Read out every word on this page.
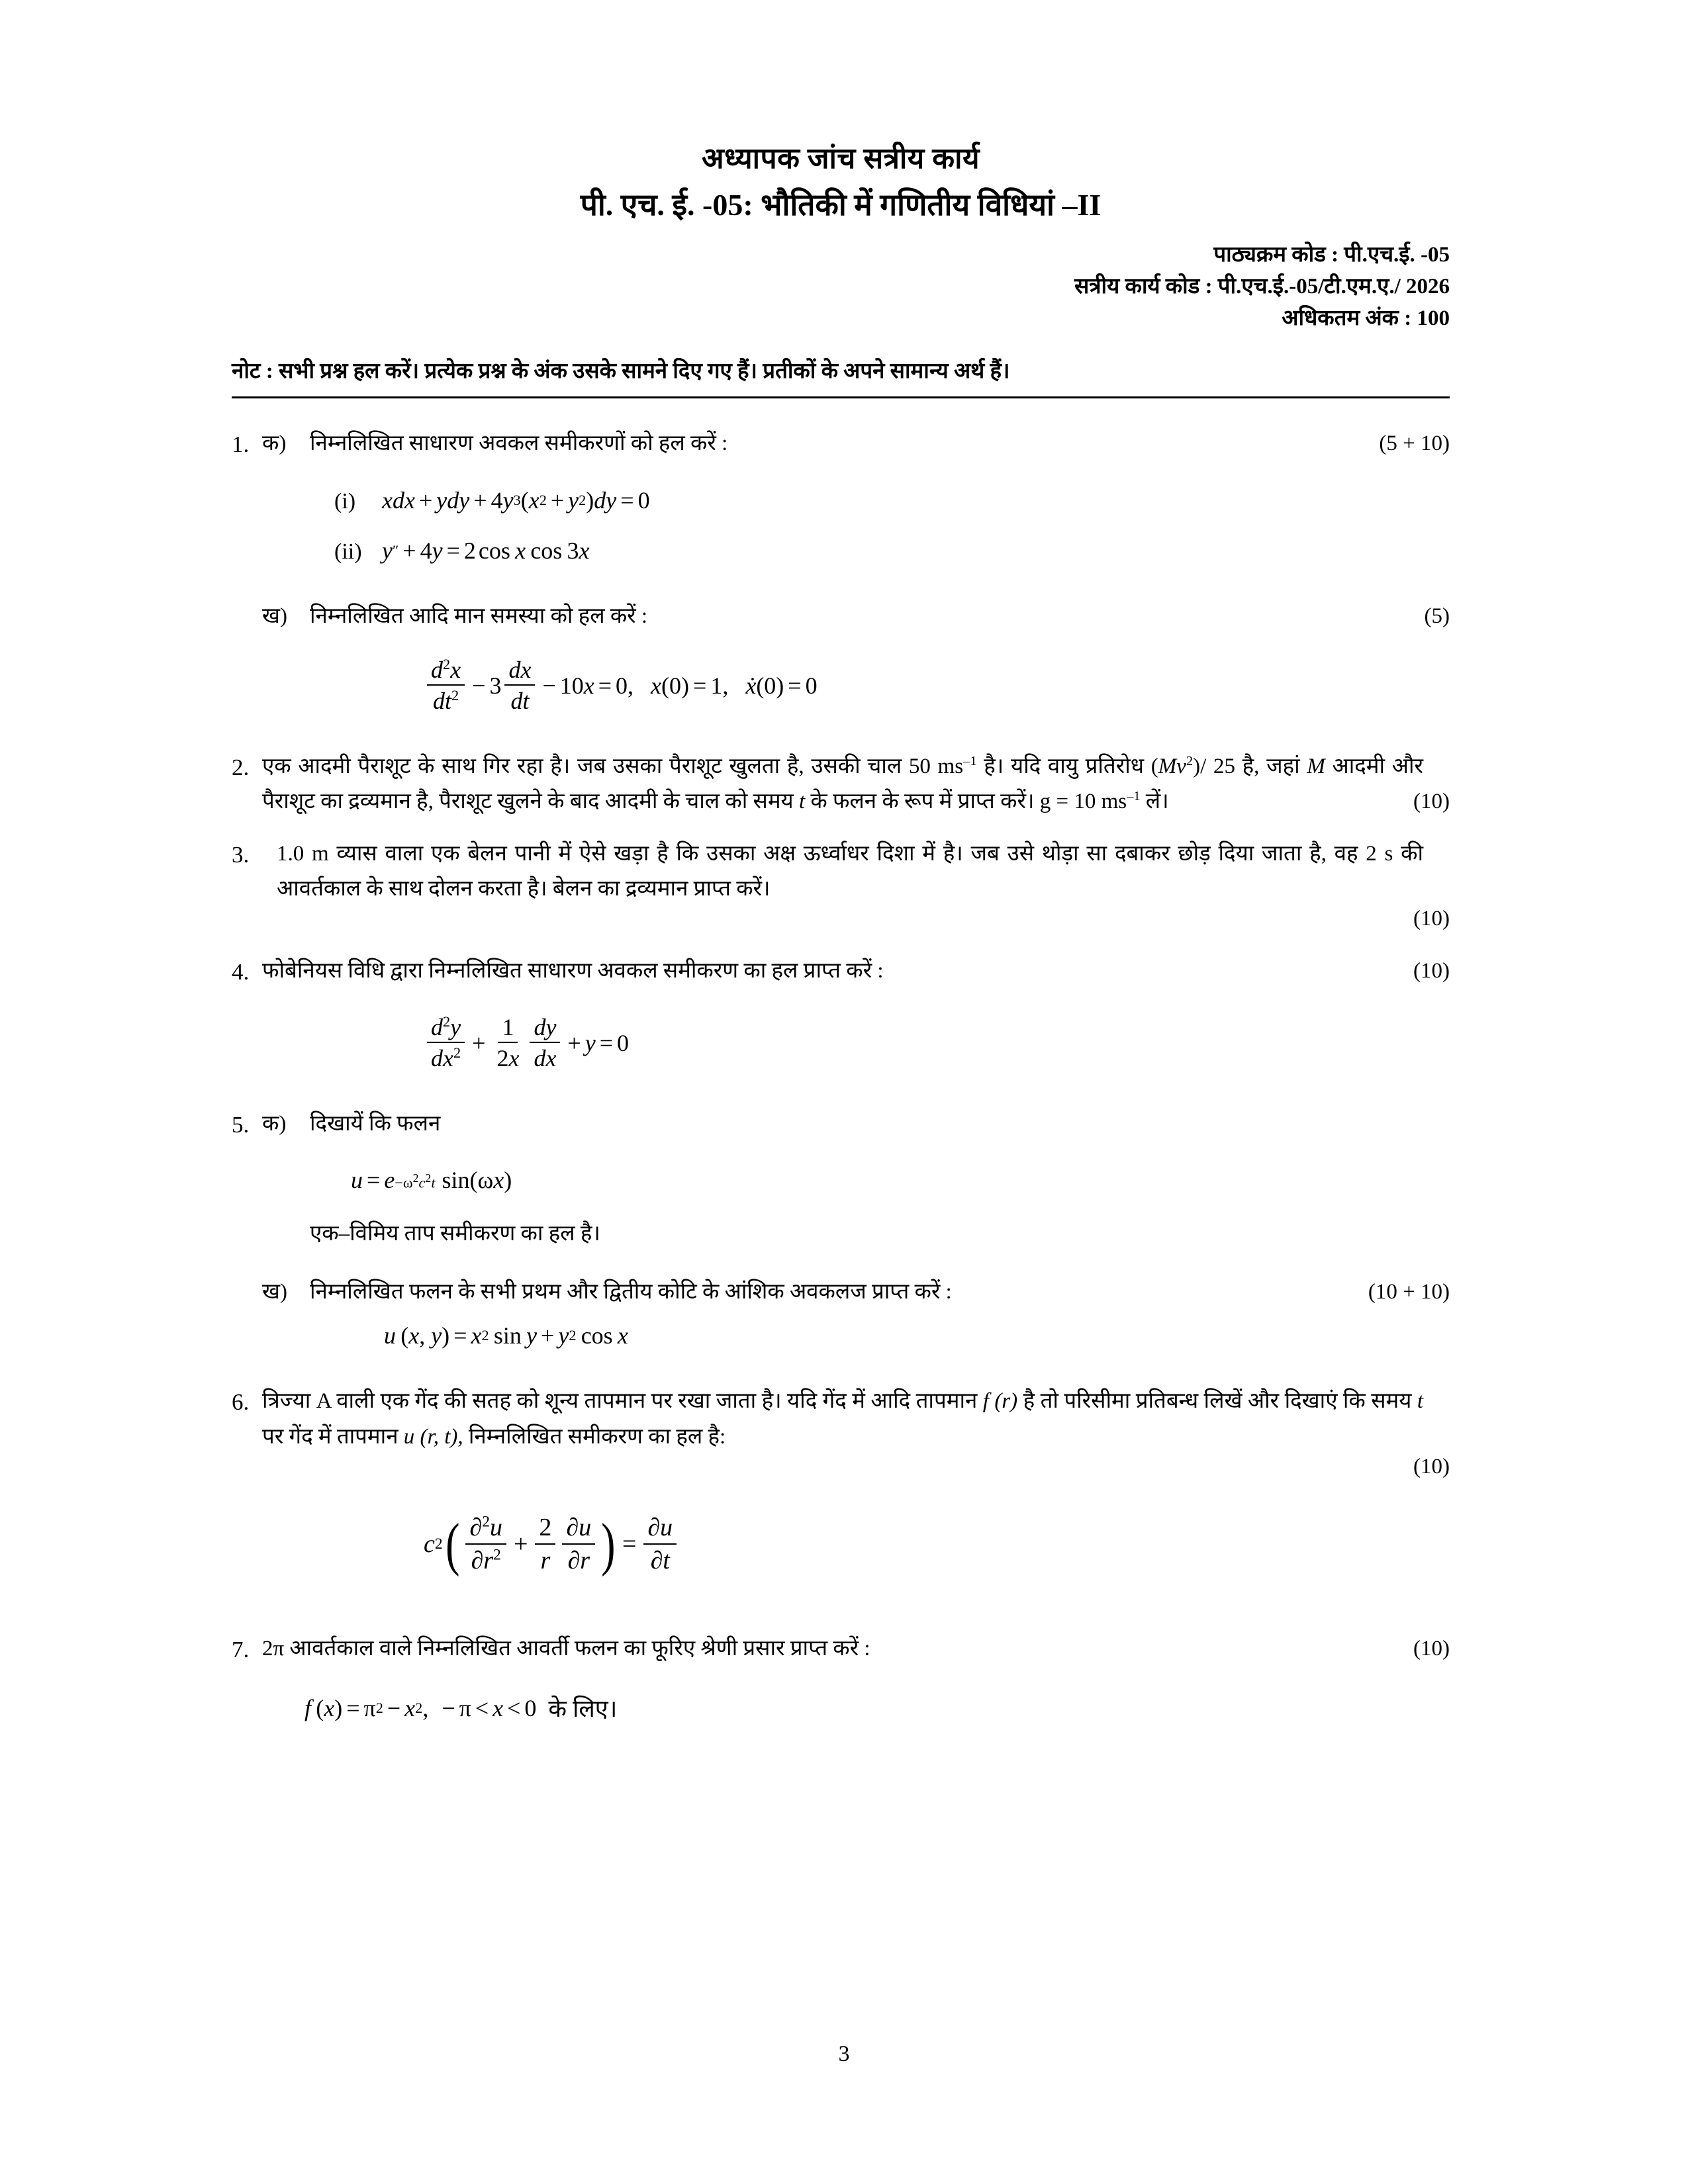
अध्यापक जांच सत्रीय कार्य
पी. एच. ई. -05: भौतिकी में गणितीय विधियां –II
पाठ्यक्रम कोड : पी.एच.ई. -05
सत्रीय कार्य कोड : पी.एच.ई.-05/टी.एम.ए./ 2026
अधिकतम अंक : 100
नोट : सभी प्रश्न हल करें। प्रत्येक प्रश्न के अंक उसके सामने दिए गए हैं। प्रतीकों के अपने सामान्य अर्थ हैं।
1. क)	निम्नलिखित साधारण अवकल समीकरणों को हल करें :	(5 + 10)
(i)	xdx + ydy + 4 y 3 ( x 2 + y 2 ) dy = 0
(ii) y ″ + 4 y = 2 cos
  x
  cos
  3 x
ख)	निम्नलिखित आदि मान समस्या को हल करें :	(5)
$\frac{d^2x}{dt^2} - 3 \frac{dx}{dt} - 10$ x = 0, x(0) = 1, ẋ(0) = 0
2. एक आदमी पैराशूट के साथ गिर रहा है। जब उसका पैराशूट खुलता है, उसकी चाल 50 $ms^{-1}$ है। यदि वायु प्रतिरोध (Mv$^2$)/ 25 है, जहां M आदमी और पैराशूट का द्रव्यमान है, पैराशूट खुलने के बाद आदमी के चाल को समय t के फलन के रूप में प्राप्त करें। g = 10 $ms^{-1}$ लें।	(10)
3.	1.0 m व्यास वाला एक बेलन पानी में ऐसे खड़ा है कि उसका अक्ष ऊर्ध्वाधर दिशा में है। जब उसे थोड़ा सा दबाकर छोड़ दिया जाता है, वह 2 s की आवर्तकाल के साथ दोलन करता है। बेलन का द्रव्यमान प्राप्त करें।
(10)
4. फोबेनियस विधि द्वारा निम्नलिखित साधारण अवकल समीकरण का हल प्राप्त करें :	(10)
$\frac{d^2y}{dx^2} + \frac{1}{2x} \frac{dy}{dx} + y = 0$
5. क)	दिखायें कि फलन
$u = e -\omega^2c^2t$ sin(ωx)
एक–विमिय ताप समीकरण का हल है।
ख)	निम्नलिखित फलन के सभी प्रथम और द्वितीय कोटि के आंशिक अवकलज प्राप्त करें :	(10 + 10)
u  ( x , y ) = x 2  sin  y + y 2  cos  x
6. त्रिज्या A वाली एक गेंद की सतह को शून्य तापमान पर रखा जाता है। यदि गेंद में आदि तापमान f (r) है तो परिसीमा प्रतिबन्ध लिखें और दिखाएं कि समय t पर गेंद में तापमान u (r, t), निम्नलिखित समीकरण का हल है:
(10)
c 2 ( $\frac{\partial^2u}{\partial r^2} + \frac{2}{r} \frac{\partial u}{\partial r}$ ) = $\frac{\partial u}{\partial t}$
7. 2π आवर्तकाल वाले निम्नलिखित आवर्ती फलन का फूरिए श्रेणी प्रसार प्राप्त करें :	(10)
f  ( x ) = π 2 − x 2 , − π < x < 0 के लिए।
3
